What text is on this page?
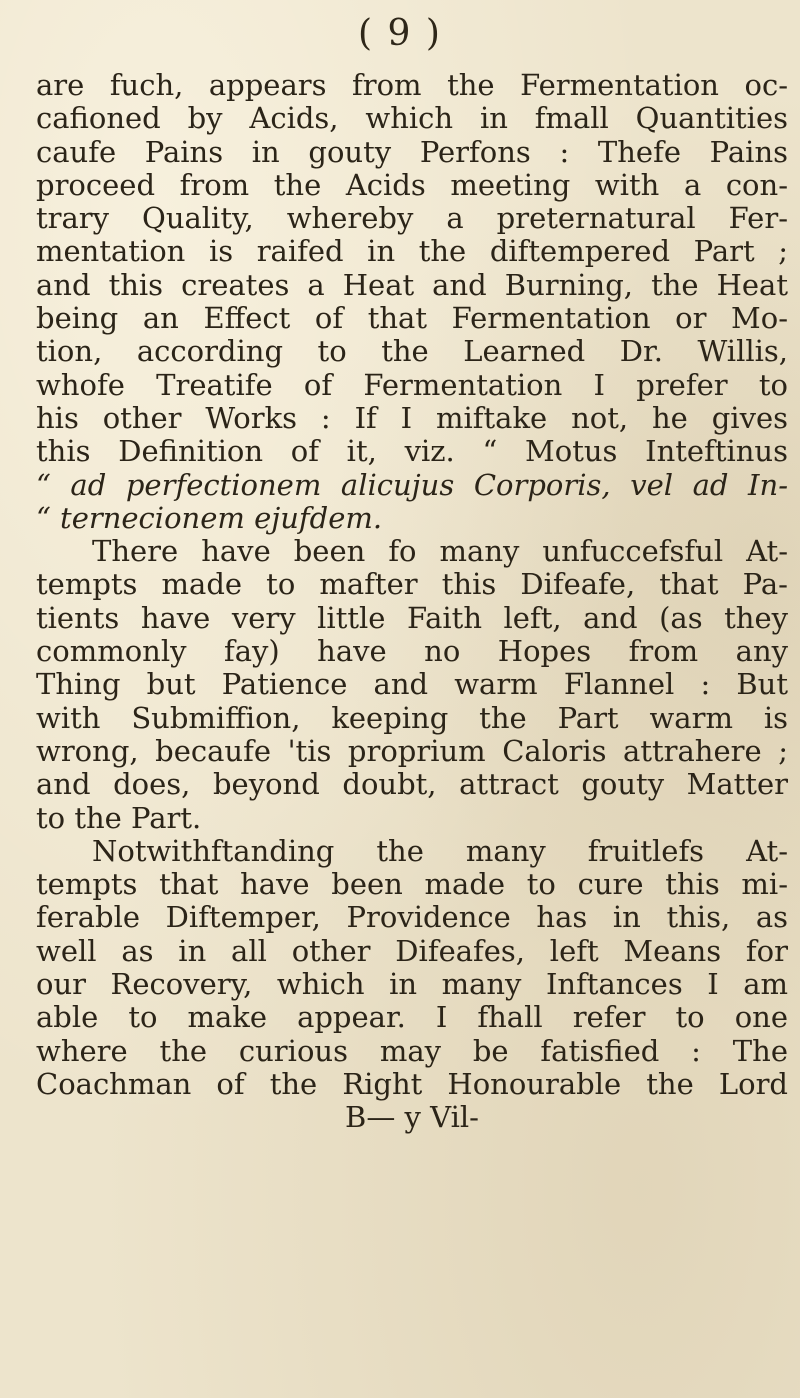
( 9 )
are fuch, appears from the Fermentation oc-
cafioned by Acids, which in fmall Quantities
caufe Pains in gouty Perfons : Thefe Pains
proceed from the Acids meeting with a con-
trary Quality, whereby a preternatural Fer-
mentation is raifed in the diftempered Part ;
and this creates a Heat and Burning, the Heat
being an Effect of that Fermentation or Mo-
tion, according to the Learned Dr. Willis,
whofe Treatife of Fermentation I prefer to
his other Works : If I miftake not, he gives
this Definition of it, viz. “ Motus Inteftinus
“ ad perfectionem alicujus Corporis, vel ad In-
“ ternecionem ejufdem.
There have been fo many unfuccefsful At-
tempts made to mafter this Difeafe, that Pa-
tients have very little Faith left, and (as they
commonly fay) have no Hopes from any
Thing but Patience and warm Flannel : But
with Submiffion, keeping the Part warm is
wrong, becaufe 'tis proprium Caloris attrahere ;
and does, beyond doubt, attract gouty Matter
to the Part.
Notwithftanding the many fruitlefs At-
tempts that have been made to cure this mi-
ferable Diftemper, Providence has in this, as
well as in all other Difeafes, left Means for
our Recovery, which in many Inftances I am
able to make appear. I fhall refer to one
where the curious may be fatisfied : The
Coachman of the Right Honourable the Lord
B— y Vil-
